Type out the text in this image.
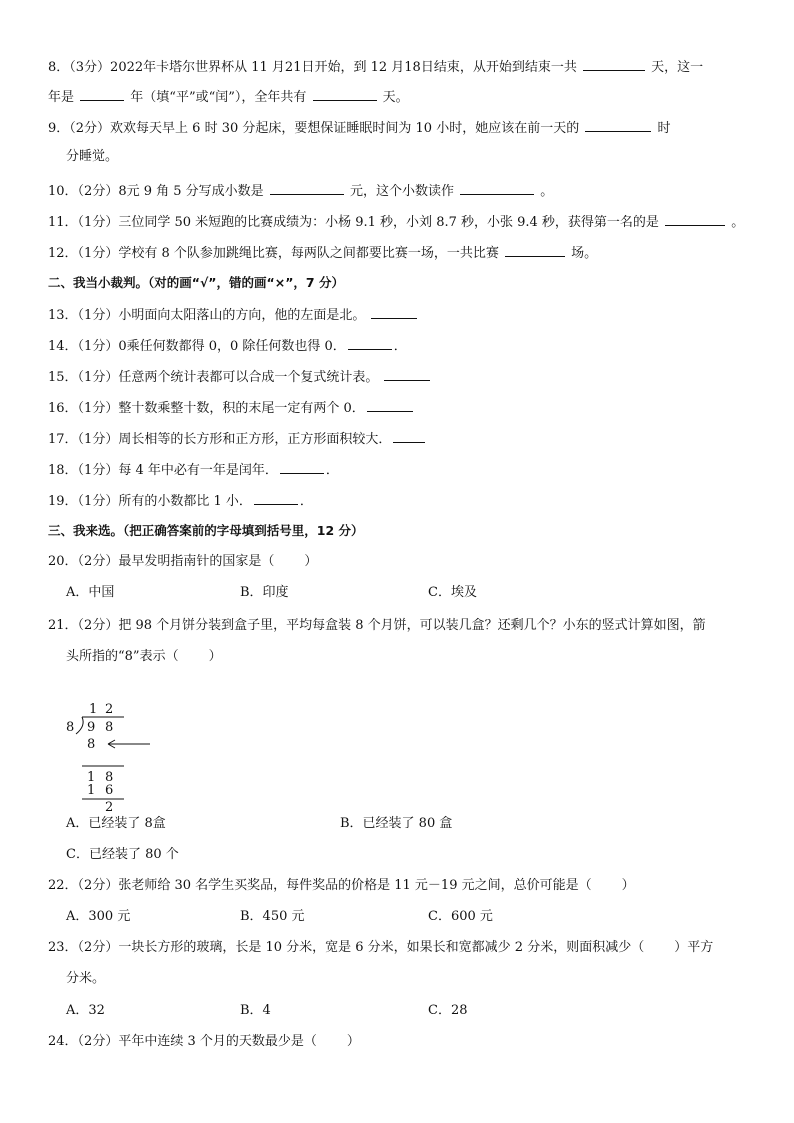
8．（3分）2022年卡塔尔世界杯从 11 月21日开始，到 12 月18日结束，从开始到结束一共	天，这一
年是	年（填“平”或“闰”），全年共有	天。
9．（2分）欢欢每天早上 6 时 30 分起床，要想保证睡眠时间为 10 小时，她应该在前一天的	时
分睡觉。
10．（2分）8元 9 角 5 分写成小数是	元，这个小数读作	。
11．（1分）三位同学 50 米短跑的比赛成绩为：小杨 9.1 秒，小刘 8.7 秒，小张 9.4 秒，获得第一名的是	。
12．（1分）学校有 8 个队参加跳绳比赛，每两队之间都要比赛一场，一共比赛	场。
二、我当小裁判。（对的画“√”，错的画“×”，7 分）
13．（1分）小明面向太阳落山的方向，他的左面是北。
14．（1分）0乘任何数都得 0，0 除任何数也得 0．	．
15．（1分）任意两个统计表都可以合成一个复式统计表。
16．（1分）整十数乘整十数，积的末尾一定有两个 0．
17．（1分）周长相等的长方形和正方形，正方形面积较大．
18．（1分）每 4 年中必有一年是闰年．	．
19．（1分）所有的小数都比 1 小．	．
三、我来选。（把正确答案前的字母填到括号里，12 分）
20．（2分）最早发明指南针的国家是（ ）
A．中国	B．印度	C．埃及
21．（2分）把 98 个月饼分装到盒子里，平均每盒装 8 个月饼，可以装几盒？还剩几个？小东的竖式计算如图，箭
头所指的“8”表示（ ）
1 2
8 9 8
8
1 8
1 6
2
A．已经装了 8盒	B．已经装了 80 盒
C．已经装了 80 个
22．（2分）张老师给 30 名学生买奖品，每件奖品的价格是 11 元－19 元之间，总价可能是（ ）
A．300 元	B．450 元	C．600 元
23．（2分）一块长方形的玻璃，长是 10 分米，宽是 6 分米，如果长和宽都减少 2 分米，则面积减少（ ）平方
分米。
A．32	B．4	C．28
24．（2分）平年中连续 3 个月的天数最少是（ ）
